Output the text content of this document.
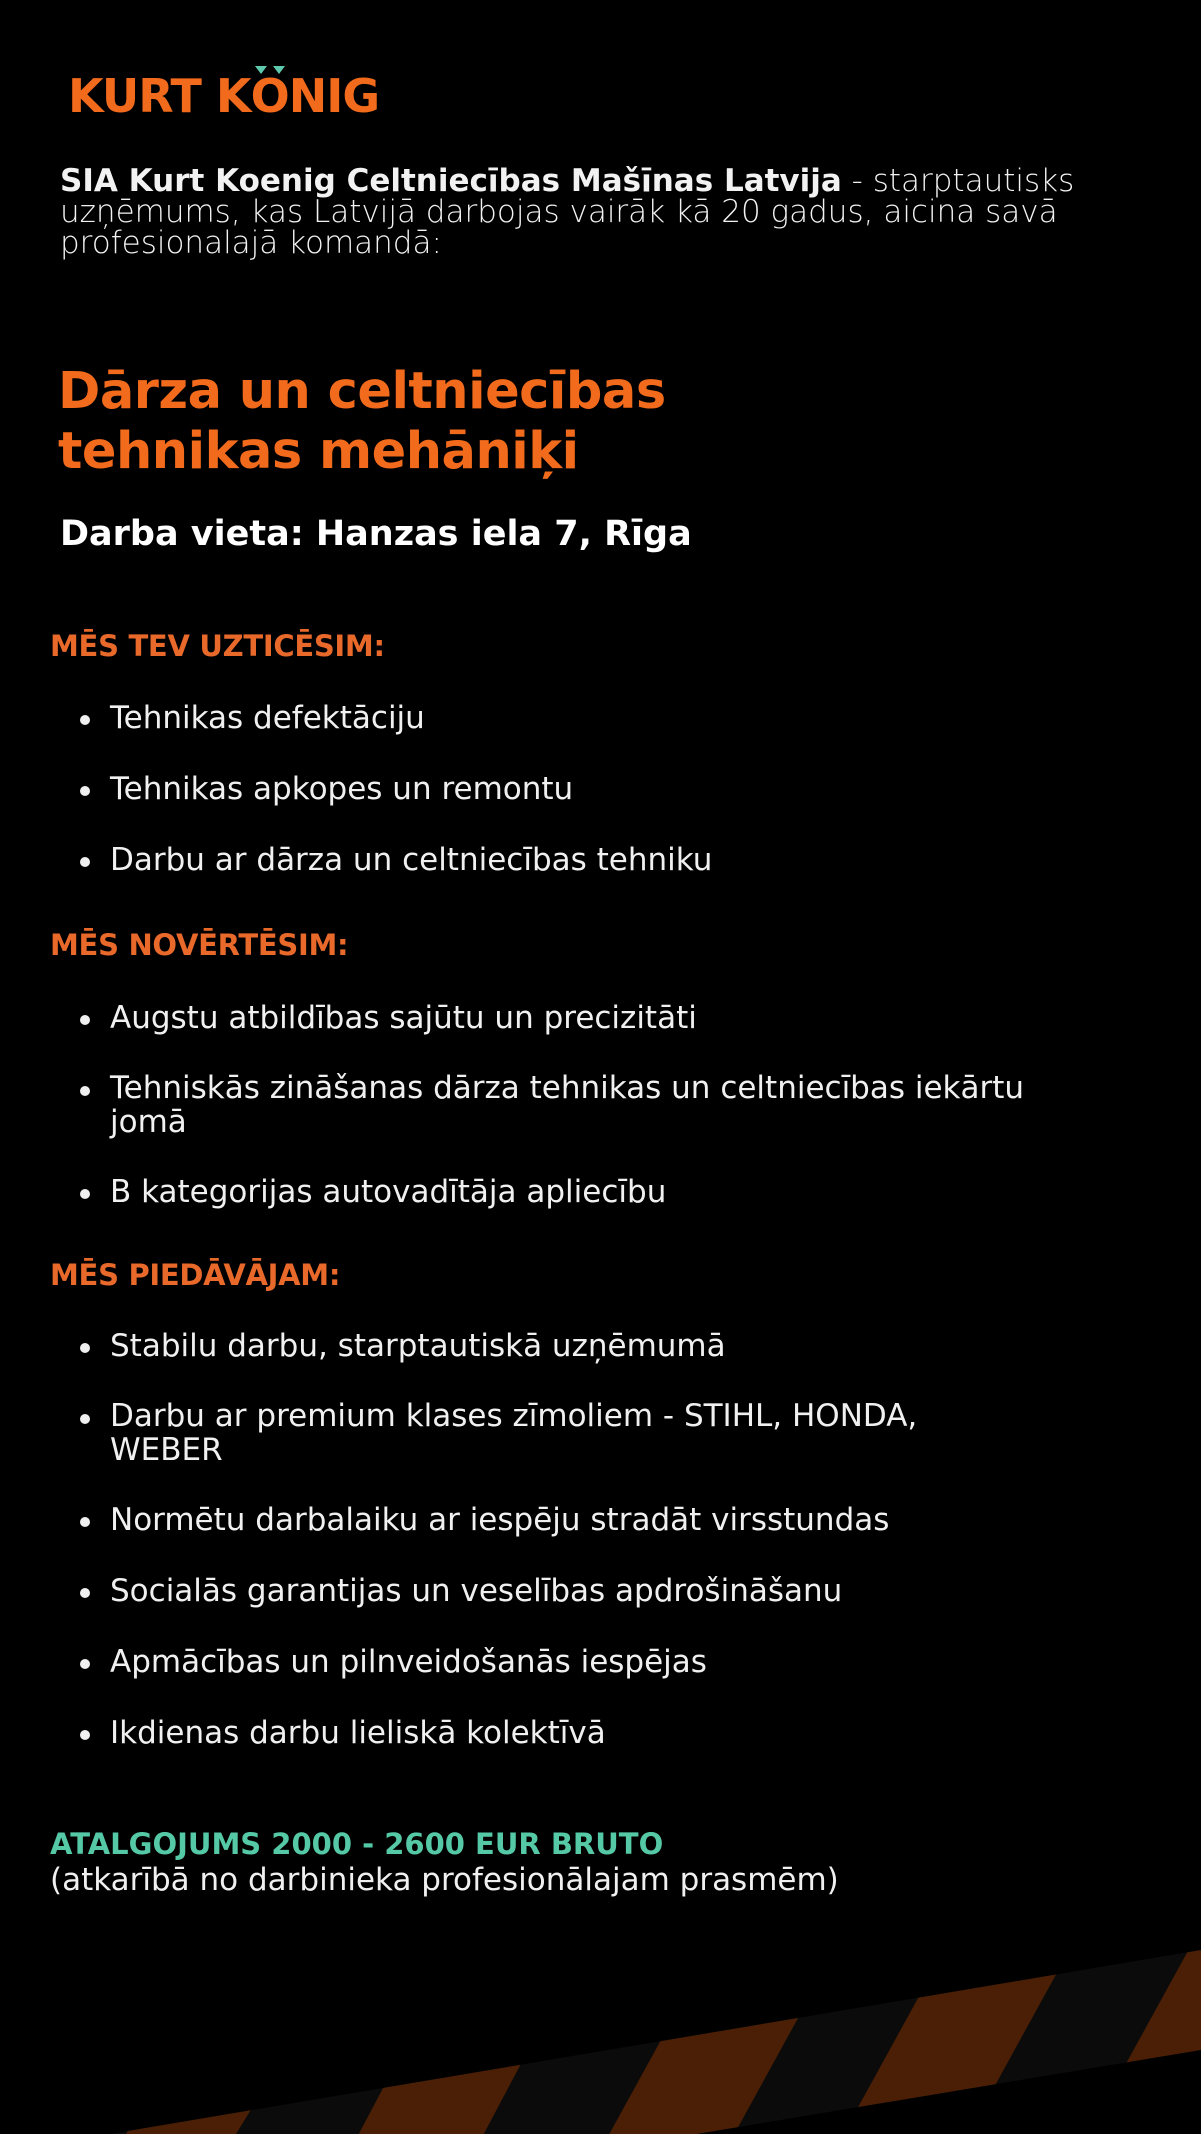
KURT K
ONIG
SIA Kurt Koenig Celtniecības Mašīnas Latvija - starptautisks uzņēmums, kas Latvijā darbojas vairāk kā 20 gadus, aicina savā profesionalajā komandā:
Dārza un celtniecības
tehnikas mehāniķi
Darba vieta: Hanzas iela 7, Rīga
MĒS TEV UZTICĒSIM:
Tehnikas defektāciju
Tehnikas apkopes un remontu
Darbu ar dārza un celtniecības tehniku
MĒS NOVĒRTĒSIM:
Augstu atbildības sajūtu un precizitāti
Tehniskās zināšanas dārza tehnikas un celtniecības iekārtu jomā
B kategorijas autovadītāja apliecību
MĒS PIEDĀVĀJAM:
Stabilu darbu, starptautiskā uzņēmumā
Darbu ar premium klases zīmoliem - STIHL, HONDA, WEBER
Normētu darbalaiku ar iespēju stradāt virsstundas
Socialās garantijas un veselības apdrošināšanu
Apmācības un pilnveidošanās iespējas
Ikdienas darbu lieliskā kolektīvā
ATALGOJUMS 2000 - 2600 EUR BRUTO
(atkarībā no darbinieka profesionālajam prasmēm)
